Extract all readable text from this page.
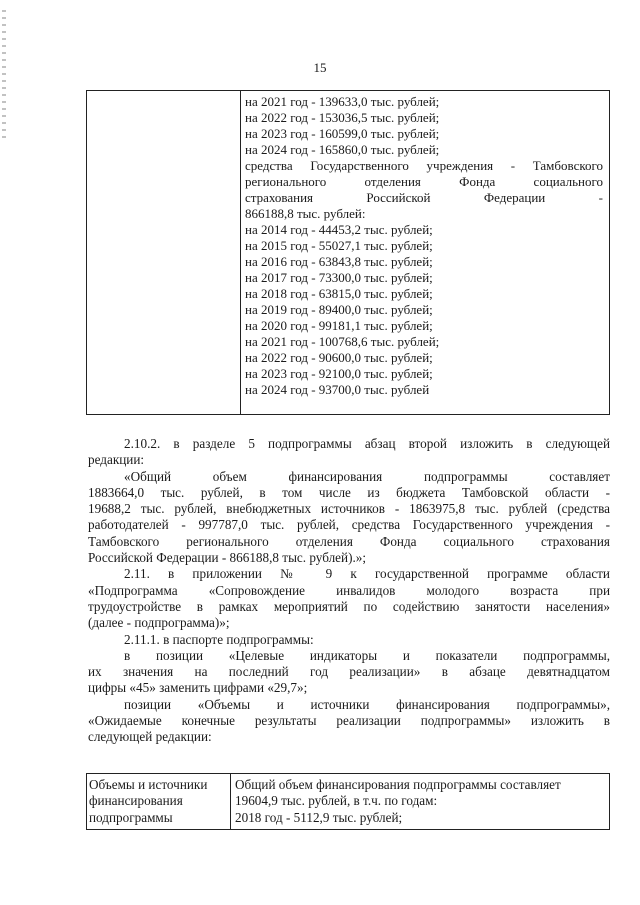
15
на 2021 год - 139633,0 тыс. рублей;
на 2022 год - 153036,5 тыс. рублей;
на 2023 год - 160599,0 тыс. рублей;
на 2024 год - 165860,0 тыс. рублей;
средства Государственного учреждения - Тамбовского
регионального отделения Фонда социального
страхования Российской Федерации -
866188,8 тыс. рублей:
на 2014 год - 44453,2 тыс. рублей;
на 2015 год - 55027,1 тыс. рублей;
на 2016 год - 63843,8 тыс. рублей;
на 2017 год - 73300,0 тыс. рублей;
на 2018 год - 63815,0 тыс. рублей;
на 2019 год - 89400,0 тыс. рублей;
на 2020 год - 99181,1 тыс. рублей;
на 2021 год - 100768,6 тыс. рублей;
на 2022 год - 90600,0 тыс. рублей;
на 2023 год - 92100,0 тыс. рублей;
на 2024 год - 93700,0 тыс. рублей
2.10.2. в разделе 5 подпрограммы абзац второй изложить в следующей
редакции:
«Общий объем финансирования подпрограммы составляет
1883664,0 тыс. рублей, в том числе из бюджета Тамбовской области -
19688,2 тыс. рублей, внебюджетных источников - 1863975,8 тыс. рублей (средства
работодателей - 997787,0 тыс. рублей, средства Государственного учреждения -
Тамбовского регионального отделения Фонда социального страхования
Российской Федерации - 866188,8 тыс. рублей).»;
2.11. в приложении № 9 к государственной программе области
«Подпрограмма «Сопровождение инвалидов молодого возраста при
трудоустройстве в рамках мероприятий по содействию занятости населения»
(далее - подпрограмма)»;
2.11.1. в паспорте подпрограммы:
в позиции «Целевые индикаторы и показатели подпрограммы,
их значения на последний год реализации» в абзаце девятнадцатом
цифры «45» заменить цифрами «29,7»;
позиции «Объемы и источники финансирования подпрограммы»,
«Ожидаемые конечные результаты реализации подпрограммы» изложить в
следующей редакции:
Объемы и источники
финансирования
подпрограммы
Общий объем финансирования подпрограммы составляет
19604,9 тыс. рублей, в т.ч. по годам:
2018 год - 5112,9 тыс. рублей;
